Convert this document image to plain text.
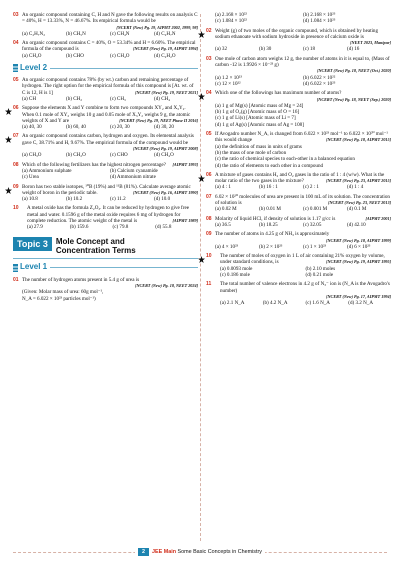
03 An organic compound containing C, H and N gave the following results on analysis C = 40%, H = 13.33%, N = 46.67%. Its empirical formula would be
[NCERT (New) Pg. 19, AIPMT 2002, 1999, 98]
(a) C₂H₇N₂	(b) CH₅N	(c) CH₄N	(d) C₂H₇N
04 An organic compound contains C = 40%, O = 53.34% and H = 6.60%. The empirical formula of the compound is	[NCERT (New) Pg. 19, AIPMT 1994]
(a) CH₂O	(b) CHO	(c) CH₄O	(d) C₂H₂O
Level 2
05 An organic compound contains 78% (by wt.) carbon and remaining percentage of hydrogen. The right option for the empirical formula of this compound is [At. wt. of C is 12, H is 1]	[NCERT (New) Pg. 19, NEET 2021]
(a) CH	(b) CH₂	(c) CH₃	(d) CH₄
06 Suppose the elements X and Y combine to form two compounds XY₂ and X₃Y₂. When 0.1 mole of XY₂ weighs 10 g and 0.05 mole of X₃Y₂ weighs 9 g, the atomic weights of X and Y are	[NCERT (New) Pg. 19, NEET Phase II 2016]
(a) 40, 30	(b) 60, 40	(c) 20, 30	(d) 30, 20
07 An organic compound contains carbon, hydrogen and oxygen. Its elemental analysis gave C, 38.71% and H, 9.67%. The empirical formula of the compound would be
[NCERT (New) Pg. 19, AIPMT 2008]
(a) CH₃O	(b) CH₂O	(c) CHO	(d) CH₄O
08 Which of the following fertilizers has the highest nitrogen percentage? [AIPMT 1993]
(a) Ammonium sulphate	(b) Calcium cyanamide
(c) Urea	(d) Ammonium nitrate
09 Boron has two stable isotopes, ¹⁰B (19%) and ¹¹B (81%). Calculate average atomic weight of boron in the periodic table.	[NCERT (New) Pg. 16, AIPMT 1990]
(a) 10.8	(b) 10.2	(c) 11.2	(d) 10.0
10 A metal oxide has the formula Z₂O₃. It can be reduced by hydrogen to give free metal and water. 0.1596 g of the metal oxide requires 6 mg of hydrogen for complete reduction. The atomic weight of the metal is	[AIPMT 1989]
(a) 27.9	(b) 159.6	(c) 79.8	(d) 55.8
Topic 3	Mole Concept and Concentration Terms
Level 1
01 The number of hydrogen atoms present in 5.4 g of urea is
[NCERT (New) Pg. 18, NEET 2024]
(Given: Molar mass of urea: 60g mol⁻¹,
N_A = 6.022 × 10²³ particles mol⁻¹)
(a) 2.168 × 10²²	(b) 2.168 × 10²³
(c) 1.084 × 10²²	(d) 1.084 × 10²³
02 Weight (g) of two moles of the organic compound, which is obtained by heating sodium ethanoate with sodium hydroxide in presence of calcium oxide is
[NEET 2023, Manipur]
(a) 32	(b) 30	(c) 18	(d) 16
03 One mole of carbon atom weighs 12 g, the number of atoms in it is equal to, (Mass of carbon -12 is 1.9926 × 10⁻²³ g)
[NCERT (New) Pg. 18, NEET (Oct.) 2020]
(a) 1.2 × 10²³	(b) 6.022 × 10²²
(c) 12 × 10²²	(d) 6.022 × 10²³
04 Which one of the followings has maximum number of atoms?
[NCERT (New) Pg. 18, NEET (Sep.) 2020]
(a) 1 g of Mg(s) [Atomic mass of Mg = 24]
(b) 1 g of O₂(g) [Atomic mass of O = 16]
(c) 1 g of Li(s) [Atomic mass of Li = 7]
(d) 1 g of Ag(s) [Atomic mass of Ag = 108]
05 If Avogadro number N_A, is changed from 6.022 × 10²³ mol⁻¹ to 6.022 × 10²⁰ mol⁻¹ this would change	[NCERT (New) Pg. 18, AIPMT 2015]
(a) the definition of mass in units of grams
(b) the mass of one mole of carbon
(c) the ratio of chemical species to each-other in a balanced equation
(d) the ratio of elements to each other in a compound
06 A mixture of gases contains H₂ and O₂ gases in the ratio of 1 : 4 (w/w). What is the molar ratio of the two gases in the mixture?	[NCERT (New) Pg. 23, AIPMT 2015]
(a) 4 : 1	(b) 16 : 1	(c) 2 : 1	(d) 1 : 4
07 6.02 × 10²⁰ molecules of urea are present in 100 mL of its solution. The concentration of solution is	[NCERT (New) Pg. 23, NEET 2013]
(a) 0.02 M	(b) 0.01 M	(c) 0.001 M	(d) 0.1 M
08 Molarity of liquid HCl, if density of solution is 1.17 g/cc is	[AIPMT 2001]
(a) 36.5	(b) 18.25	(c) 32.05	(d) 42.10
09 The number of atoms in 4.25 g of NH₃ is approximately
[NCERT (New) Pg. 18, AIPMT 1999]
(a) 4 × 10²³	(b) 2 × 10²³	(c) 1 × 10²³	(d) 6 × 10²³
10 The number of moles of oxygen in 1 L of air containing 21% oxygen by volume, under standard conditions, is	[NCERT (New) Pg. 19, AIPMT 1995]
(a) 0.0093 mole	(b) 2.10 moles
(c) 0.186 mole	(d) 0.21 mole
11 The total number of valence electrons in 4.2 g of N₃⁻ ion is (N_A is the Avogadro's number)
[NCERT (New) Pg. 17, AIPMT 1994]
(a) 2.1 N_A	(b) 4.2 N_A	(c) 1.6 N_A	(d) 3.2 N_A
2 JEE Main Some Basic Concepts in Chemistry
